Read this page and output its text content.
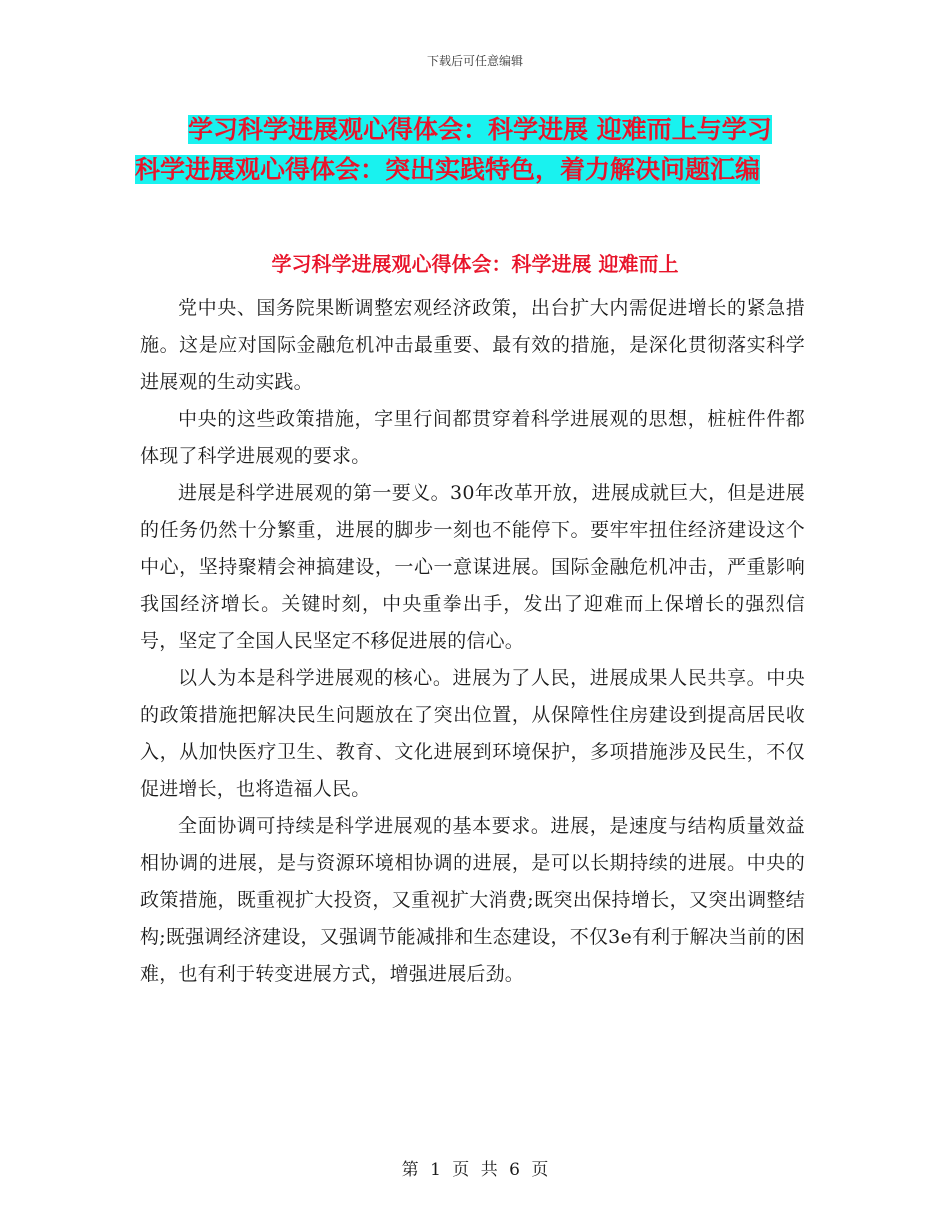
下载后可任意编辑
学习科学进展观心得体会：科学进展 迎难而上与学习
科学进展观心得体会：突出实践特色，着力解决问题汇编
学习科学进展观心得体会：科学进展 迎难而上

党中央、国务院果断调整宏观经济政策，出台扩大内需促进增长的紧急措施。这是应对国际金融危机冲击最重要、最有效的措施，是深化贯彻落实科学进展观的生动实践。

中央的这些政策措施，字里行间都贯穿着科学进展观的思想，桩桩件件都体现了科学进展观的要求。

进展是科学进展观的第一要义。30年改革开放，进展成就巨大，但是进展的任务仍然十分繁重，进展的脚步一刻也不能停下。要牢牢扭住经济建设这个中心，坚持聚精会神搞建设，一心一意谋进展。国际金融危机冲击，严重影响我国经济增长。关键时刻，中央重拳出手，发出了迎难而上保增长的强烈信号，坚定了全国人民坚定不移促进展的信心。

以人为本是科学进展观的核心。进展为了人民，进展成果人民共享。中央的政策措施把解决民生问题放在了突出位置，从保障性住房建设到提高居民收入，从加快医疗卫生、教育、文化进展到环境保护，多项措施涉及民生，不仅促进增长，也将造福人民。

全面协调可持续是科学进展观的基本要求。进展，是速度与结构质量效益相协调的进展，是与资源环境相协调的进展，是可以长期持续的进展。中央的政策措施，既重视扩大投资，又重视扩大消费;既突出保持增长，又突出调整结构;既强调经济建设，又强调节能减排和生态建设，不仅3e有利于解决当前的困难，也有利于转变进展方式，增强进展后劲。

第 1 页 共 6 页
